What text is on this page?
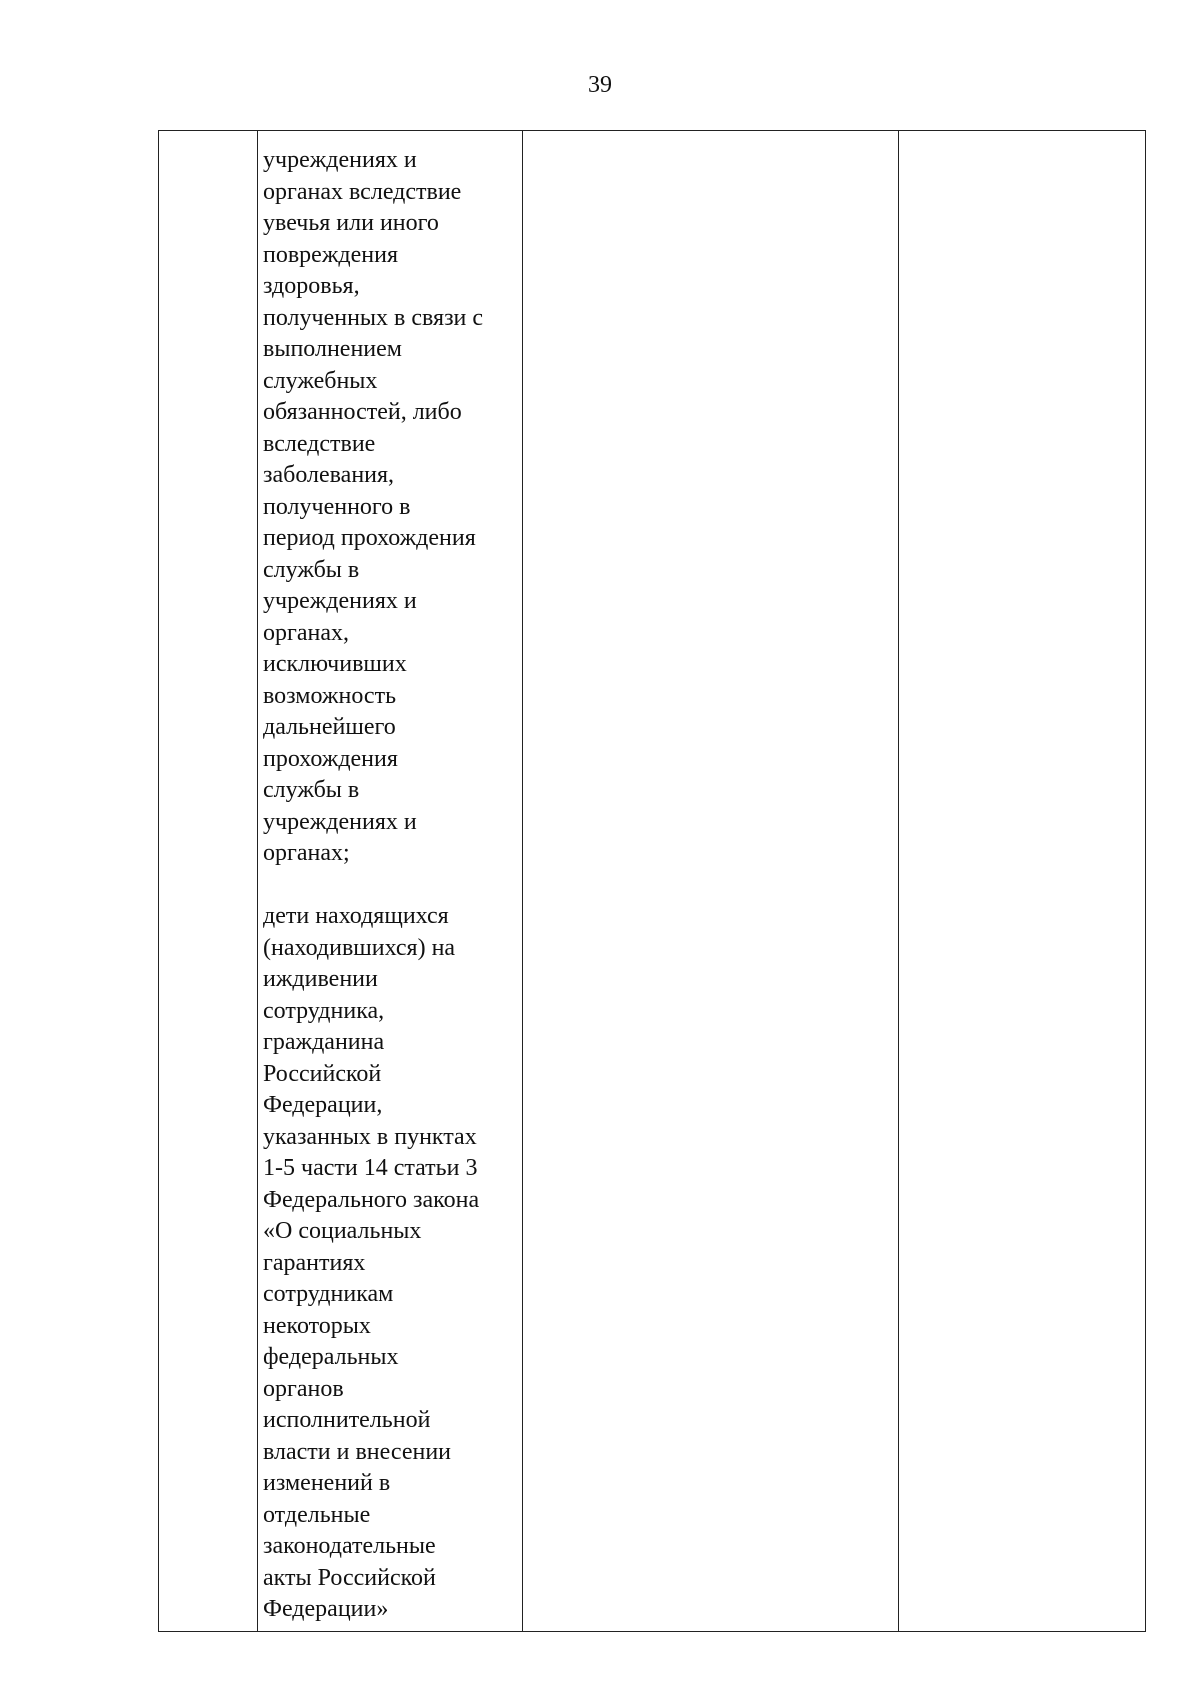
39
учреждениях и
органах вследствие
увечья или иного
повреждения
здоровья,
полученных в связи с
выполнением
служебных
обязанностей, либо
вследствие
заболевания,
полученного в
период прохождения
службы в
учреждениях и
органах,
исключивших
возможность
дальнейшего
прохождения
службы в
учреждениях и
органах;
дети находящихся
(находившихся) на
иждивении
сотрудника,
гражданина
Российской
Федерации,
указанных в пунктах
1-5 части 14 статьи 3
Федерального закона
«О социальных
гарантиях
сотрудникам
некоторых
федеральных
органов
исполнительной
власти и внесении
изменений в
отдельные
законодательные
акты Российской
Федерации»
